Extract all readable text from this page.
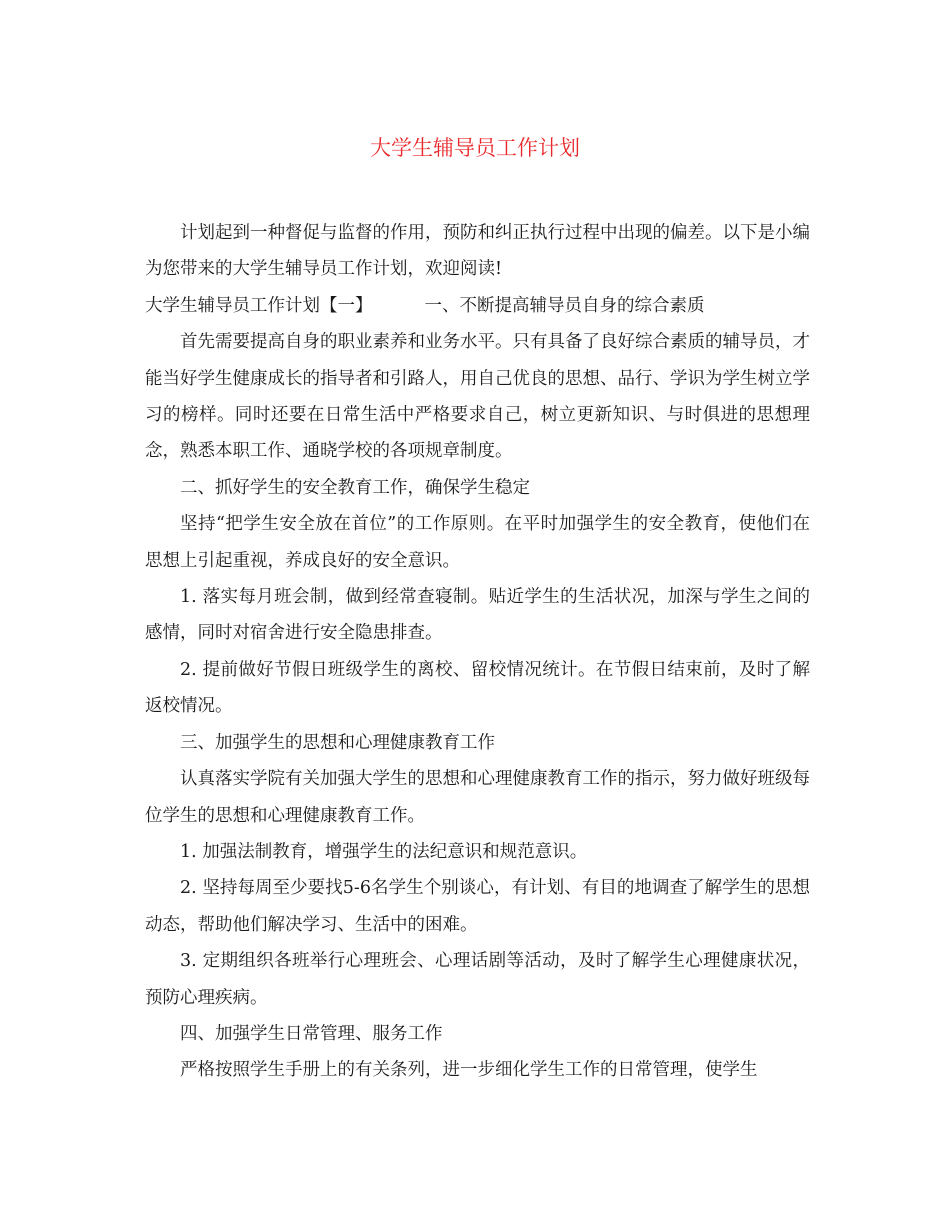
大学生辅导员工作计划

计划起到一种督促与监督的作用，预防和纠正执行过程中出现的偏差。以下是小编为您带来的大学生辅导员工作计划，欢迎阅读!

大学生辅导员工作计划【一】	一、不断提高辅导员自身的综合素质

首先需要提高自身的职业素养和业务水平。只有具备了良好综合素质的辅导员，才能当好学生健康成长的指导者和引路人，用自己优良的思想、品行、学识为学生树立学习的榜样。同时还要在日常生活中严格要求自己，树立更新知识、与时俱进的思想理念，熟悉本职工作、通晓学校的各项规章制度。

二、抓好学生的安全教育工作，确保学生稳定

坚持“把学生安全放在首位”的工作原则。在平时加强学生的安全教育，使他们在思想上引起重视，养成良好的安全意识。

1. 落实每月班会制，做到经常查寝制。贴近学生的生活状况，加深与学生之间的感情，同时对宿舍进行安全隐患排查。

2. 提前做好节假日班级学生的离校、留校情况统计。在节假日结束前，及时了解返校情况。

三、加强学生的思想和心理健康教育工作

认真落实学院有关加强大学生的思想和心理健康教育工作的指示，努力做好班级每位学生的思想和心理健康教育工作。

1. 加强法制教育，增强学生的法纪意识和规范意识。

2. 坚持每周至少要找5-6名学生个别谈心，有计划、有目的地调查了解学生的思想动态，帮助他们解决学习、生活中的困难。

3. 定期组织各班举行心理班会、心理话剧等活动，及时了解学生心理健康状况，预防心理疾病。

四、加强学生日常管理、服务工作

严格按照学生手册上的有关条列，进一步细化学生工作的日常管理，使学生
